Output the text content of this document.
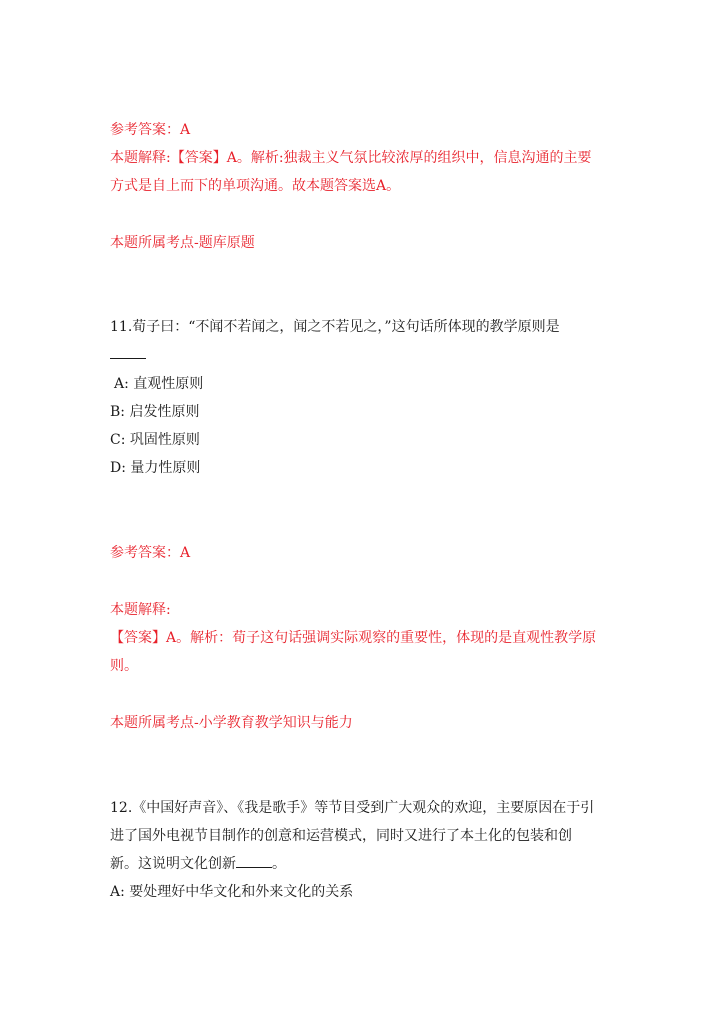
参考答案：A
本题解释:【答案】A。解析:独裁主义气氛比较浓厚的组织中，信息沟通的主要
方式是自上而下的单项沟通。故本题答案选A。
本题所属考点-题库原题
11.荀子曰：“不闻不若闻之，闻之不若见之，”这句话所体现的教学原则是
A: 直观性原则
B: 启发性原则
C: 巩固性原则
D: 量力性原则
参考答案：A
本题解释:
【答案】A。解析：荀子这句话强调实际观察的重要性，体现的是直观性教学原
则。
本题所属考点-小学教育教学知识与能力
12.《中国好声音》、《我是歌手》等节目受到广大观众的欢迎，主要原因在于引
进了国外电视节目制作的创意和运营模式，同时又进行了本土化的包装和创
新。这说明文化创新	。
A: 要处理好中华文化和外来文化的关系
